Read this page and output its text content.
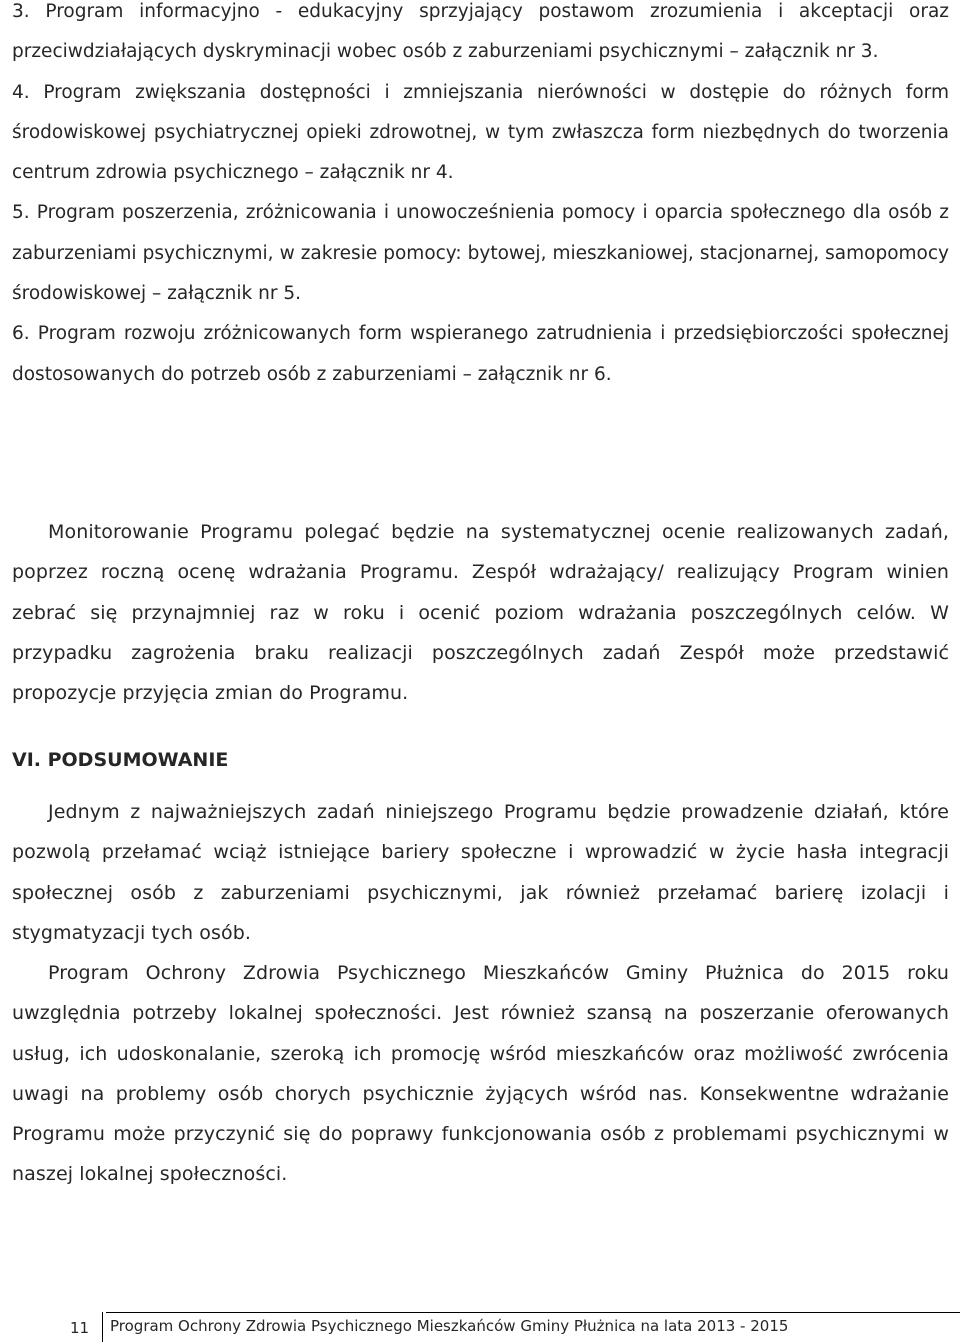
3. Program informacyjno - edukacyjny sprzyjający postawom zrozumienia i akceptacji oraz przeciwdziałających dyskryminacji wobec osób z zaburzeniami psychicznymi – załącznik nr 3.

4. Program zwiększania dostępności i zmniejszania nierówności w dostępie do różnych form środowiskowej psychiatrycznej opieki zdrowotnej, w tym zwłaszcza form niezbędnych do tworzenia centrum zdrowia psychicznego – załącznik nr 4.

5. Program poszerzenia, zróżnicowania i unowocześnienia pomocy i oparcia społecznego dla osób z zaburzeniami psychicznymi, w zakresie pomocy: bytowej, mieszkaniowej, stacjonarnej, samopomocy środowiskowej – załącznik nr 5.

6. Program rozwoju zróżnicowanych form wspieranego zatrudnienia i przedsiębiorczości społecznej dostosowanych do potrzeb osób z zaburzeniami – załącznik nr 6.

Monitorowanie Programu polegać będzie na systematycznej ocenie realizowanych zadań, poprzez roczną ocenę wdrażania Programu. Zespół wdrażający/ realizujący Program winien zebrać się przynajmniej raz w roku i ocenić poziom wdrażania poszczególnych celów. W przypadku zagrożenia braku realizacji poszczególnych zadań Zespół może przedstawić propozycje przyjęcia zmian do Programu.

VI. PODSUMOWANIE

Jednym z najważniejszych zadań niniejszego Programu będzie prowadzenie działań, które pozwolą przełamać wciąż istniejące bariery społeczne i wprowadzić w życie hasła integracji społecznej osób z zaburzeniami psychicznymi, jak również przełamać barierę izolacji i stygmatyzacji tych osób.

Program Ochrony Zdrowia Psychicznego Mieszkańców Gminy Płużnica do 2015 roku uwzględnia potrzeby lokalnej społeczności. Jest również szansą na poszerzanie oferowanych usług, ich udoskonalanie, szeroką ich promocję wśród mieszkańców oraz możliwość zwrócenia uwagi na problemy osób chorych psychicznie żyjących wśród nas. Konsekwentne wdrażanie Programu może przyczynić się do poprawy funkcjonowania osób z problemami psychicznymi w naszej lokalnej społeczności.

11 Program Ochrony Zdrowia Psychicznego Mieszkańców Gminy Płużnica na lata 2013 - 2015
